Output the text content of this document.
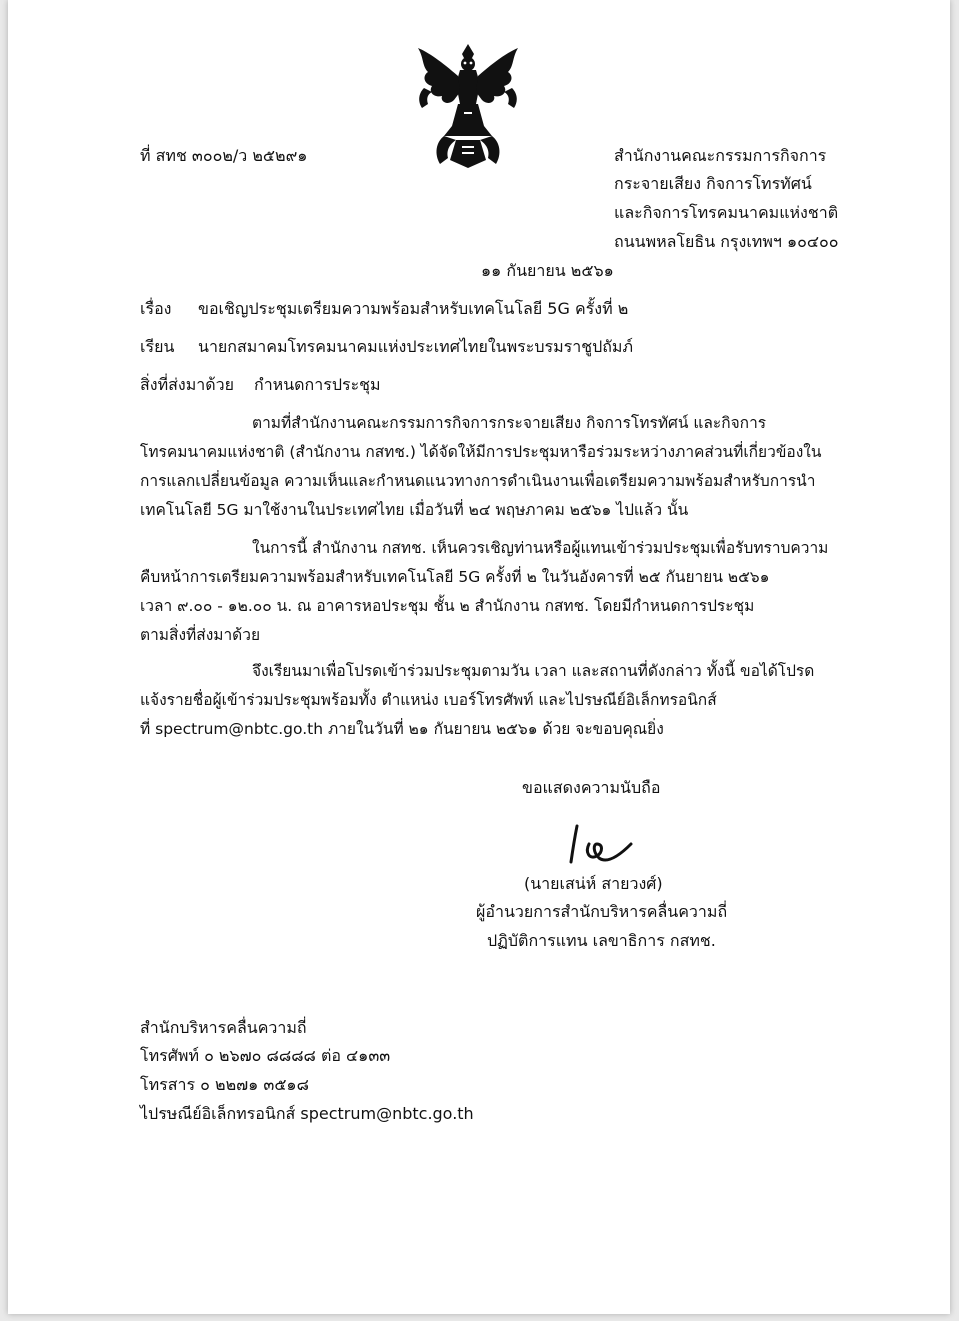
ที่ สทช ๓๐๐๒/ว ๒๕๒๙๑	สำนักงานคณะกรรมการกิจการ
กระจายเสียง กิจการโทรทัศน์
และกิจการโทรคมนาคมแห่งชาติ
ถนนพหลโยธิน กรุงเทพฯ ๑๐๔๐๐
๑๑ กันยายน ๒๕๖๑
เรื่อง ขอเชิญประชุมเตรียมความพร้อมสำหรับเทคโนโลยี 5G ครั้งที่ ๒
เรียน นายกสมาคมโทรคมนาคมแห่งประเทศไทยในพระบรมราชูปถัมภ์
สิ่งที่ส่งมาด้วย กำหนดการประชุม
ตามที่สำนักงานคณะกรรมการกิจการกระจายเสียง กิจการโทรทัศน์ และกิจการ
โทรคมนาคมแห่งชาติ (สำนักงาน กสทช.) ได้จัดให้มีการประชุมหารือร่วมระหว่างภาคส่วนที่เกี่ยวข้องใน
การแลกเปลี่ยนข้อมูล ความเห็นและกำหนดแนวทางการดำเนินงานเพื่อเตรียมความพร้อมสำหรับการนำ
เทคโนโลยี 5G มาใช้งานในประเทศไทย เมื่อวันที่ ๒๔ พฤษภาคม ๒๕๖๑ ไปแล้ว นั้น
ในการนี้ สำนักงาน กสทช. เห็นควรเชิญท่านหรือผู้แทนเข้าร่วมประชุมเพื่อรับทราบความ
คืบหน้าการเตรียมความพร้อมสำหรับเทคโนโลยี 5G ครั้งที่ ๒ ในวันอังคารที่ ๒๕ กันยายน ๒๕๖๑
เวลา ๙.๐๐ - ๑๒.๐๐ น. ณ อาคารหอประชุม ชั้น ๒ สำนักงาน กสทช. โดยมีกำหนดการประชุม
ตามสิ่งที่ส่งมาด้วย
จึงเรียนมาเพื่อโปรดเข้าร่วมประชุมตามวัน เวลา และสถานที่ดังกล่าว ทั้งนี้ ขอได้โปรด
แจ้งรายชื่อผู้เข้าร่วมประชุมพร้อมทั้ง ตำแหน่ง เบอร์โทรศัพท์ และไปรษณีย์อิเล็กทรอนิกส์
ที่ spectrum@nbtc.go.th ภายในวันที่ ๒๑ กันยายน ๒๕๖๑ ด้วย จะขอบคุณยิ่ง
ขอแสดงความนับถือ
(นายเสน่ห์ สายวงศ์)
ผู้อำนวยการสำนักบริหารคลื่นความถี่
ปฏิบัติการแทน เลขาธิการ กสทช.
สำนักบริหารคลื่นความถี่
โทรศัพท์ ๐ ๒๖๗๐ ๘๘๘๘ ต่อ ๔๑๓๓
โทรสาร ๐ ๒๒๗๑ ๓๕๑๘
ไปรษณีย์อิเล็กทรอนิกส์ spectrum@nbtc.go.th
